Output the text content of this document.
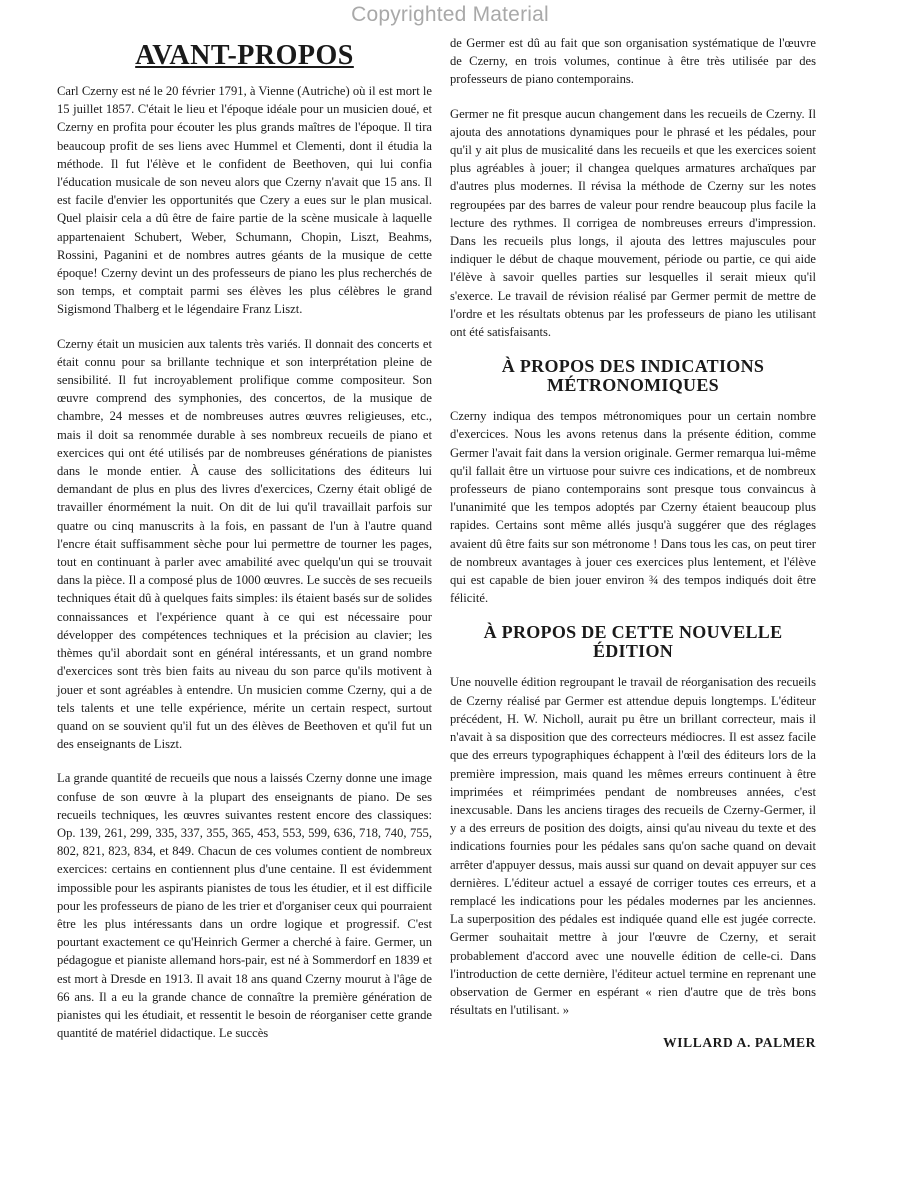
Copyrighted Material
AVANT-PROPOS

Carl Czerny est né le 20 février 1791, à Vienne (Autriche) où il est mort le 15 juillet 1857. C'était le lieu et l'époque idéale pour un musicien doué, et Czerny en profita pour écouter les plus grands maîtres de l'époque. Il tira beaucoup profit de ses liens avec Hummel et Clementi, dont il étudia la méthode. Il fut l'élève et le confident de Beethoven, qui lui confia l'éducation musicale de son neveu alors que Czerny n'avait que 15 ans. Il est facile d'envier les opportunités que Czery a eues sur le plan musical. Quel plaisir cela a dû être de faire partie de la scène musicale à laquelle appartenaient Schubert, Weber, Schumann, Chopin, Liszt, Beahms, Rossini, Paganini et de nombres autres géants de la musique de cette époque! Czerny devint un des professeurs de piano les plus recherchés de son temps, et comptait parmi ses élèves les plus célèbres le grand Sigismond Thalberg et le légendaire Franz Liszt.

Czerny était un musicien aux talents très variés. Il donnait des concerts et était connu pour sa brillante technique et son interprétation pleine de sensibilité. Il fut incroyablement prolifique comme compositeur. Son œuvre comprend des symphonies, des concertos, de la musique de chambre, 24 messes et de nombreuses autres œuvres religieuses, etc., mais il doit sa renommée durable à ses nombreux recueils de piano et exercices qui ont été utilisés par de nombreuses générations de pianistes dans le monde entier. À cause des sollicitations des éditeurs lui demandant de plus en plus des livres d'exercices, Czerny était obligé de travailler énormément la nuit. On dit de lui qu'il travaillait parfois sur quatre ou cinq manuscrits à la fois, en passant de l'un à l'autre quand l'encre était suffisamment sèche pour lui permettre de tourner les pages, tout en continuant à parler avec amabilité avec quelqu'un qui se trouvait dans la pièce. Il a composé plus de 1000 œuvres. Le succès de ses recueils techniques était dû à quelques faits simples: ils étaient basés sur de solides connaissances et l'expérience quant à ce qui est nécessaire pour développer des compétences techniques et la précision au clavier; les thèmes qu'il abordait sont en général intéressants, et un grand nombre d'exercices sont très bien faits au niveau du son parce qu'ils motivent à jouer et sont agréables à entendre. Un musicien comme Czerny, qui a de tels talents et une telle expérience, mérite un certain respect, surtout quand on se souvient qu'il fut un des élèves de Beethoven et qu'il fut un des enseignants de Liszt.

La grande quantité de recueils que nous a laissés Czerny donne une image confuse de son œuvre à la plupart des enseignants de piano. De ses recueils techniques, les œuvres suivantes restent encore des classiques: Op. 139, 261, 299, 335, 337, 355, 365, 453, 553, 599, 636, 718, 740, 755, 802, 821, 823, 834, et 849. Chacun de ces volumes contient de nombreux exercices: certains en contiennent plus d'une centaine. Il est évidemment impossible pour les aspirants pianistes de tous les étudier, et il est difficile pour les professeurs de piano de les trier et d'organiser ceux qui pourraient être les plus intéressants dans un ordre logique et progressif. C'est pourtant exactement ce qu'Heinrich Germer a cherché à faire. Germer, un pédagogue et pianiste allemand hors-pair, est né à Sommerdorf en 1839 et est mort à Dresde en 1913. Il avait 18 ans quand Czerny mourut à l'âge de 66 ans. Il a eu la grande chance de connaître la première génération de pianistes qui les étudiait, et ressentit le besoin de réorganiser cette grande quantité de matériel didactique. Le succès

de Germer est dû au fait que son organisation systématique de l'œuvre de Czerny, en trois volumes, continue à être très utilisée par des professeurs de piano contemporains.

Germer ne fit presque aucun changement dans les recueils de Czerny. Il ajouta des annotations dynamiques pour le phrasé et les pédales, pour qu'il y ait plus de musicalité dans les recueils et que les exercices soient plus agréables à jouer; il changea quelques armatures archaïques par d'autres plus modernes. Il révisa la méthode de Czerny sur les notes regroupées par des barres de valeur pour rendre beaucoup plus facile la lecture des rythmes. Il corrigea de nombreuses erreurs d'impression. Dans les recueils plus longs, il ajouta des lettres majuscules pour indiquer le début de chaque mouvement, période ou partie, ce qui aide l'élève à savoir quelles parties sur lesquelles il serait mieux qu'il s'exerce. Le travail de révision réalisé par Germer permit de mettre de l'ordre et les résultats obtenus par les professeurs de piano les utilisant ont été satisfaisants.

À PROPOS DES INDICATIONS
MÉTRONOMIQUES

Czerny indiqua des tempos métronomiques pour un certain nombre d'exercices. Nous les avons retenus dans la présente édition, comme Germer l'avait fait dans la version originale. Germer remarqua lui-même qu'il fallait être un virtuose pour suivre ces indications, et de nombreux professeurs de piano contemporains sont presque tous convaincus à l'unanimité que les tempos adoptés par Czerny étaient beaucoup plus rapides. Certains sont même allés jusqu'à suggérer que des réglages avaient dû être faits sur son métronome ! Dans tous les cas, on peut tirer de nombreux avantages à jouer ces exercices plus lentement, et l'élève qui est capable de bien jouer environ ¾ des tempos indiqués doit être félicité.

À PROPOS DE CETTE NOUVELLE
ÉDITION

Une nouvelle édition regroupant le travail de réorganisation des recueils de Czerny réalisé par Germer est attendue depuis longtemps. L'éditeur précédent, H. W. Nicholl, aurait pu être un brillant correcteur, mais il n'avait à sa disposition que des correcteurs médiocres. Il est assez facile que des erreurs typographiques échappent à l'œil des éditeurs lors de la première impression, mais quand les mêmes erreurs continuent à être imprimées et réimprimées pendant de nombreuses années, c'est inexcusable. Dans les anciens tirages des recueils de Czerny-Germer, il y a des erreurs de position des doigts, ainsi qu'au niveau du texte et des indications fournies pour les pédales sans qu'on sache quand on devait arrêter d'appuyer dessus, mais aussi sur quand on devait appuyer sur ces dernières. L'éditeur actuel a essayé de corriger toutes ces erreurs, et a remplacé les indications pour les pédales modernes par les anciennes. La superposition des pédales est indiquée quand elle est jugée correcte. Germer souhaitait mettre à jour l'œuvre de Czerny, et serait probablement d'accord avec une nouvelle édition de celle-ci. Dans l'introduction de cette dernière, l'éditeur actuel termine en reprenant une observation de Germer en espérant « rien d'autre que de très bons résultats en l'utilisant. »

WILLARD A. PALMER
